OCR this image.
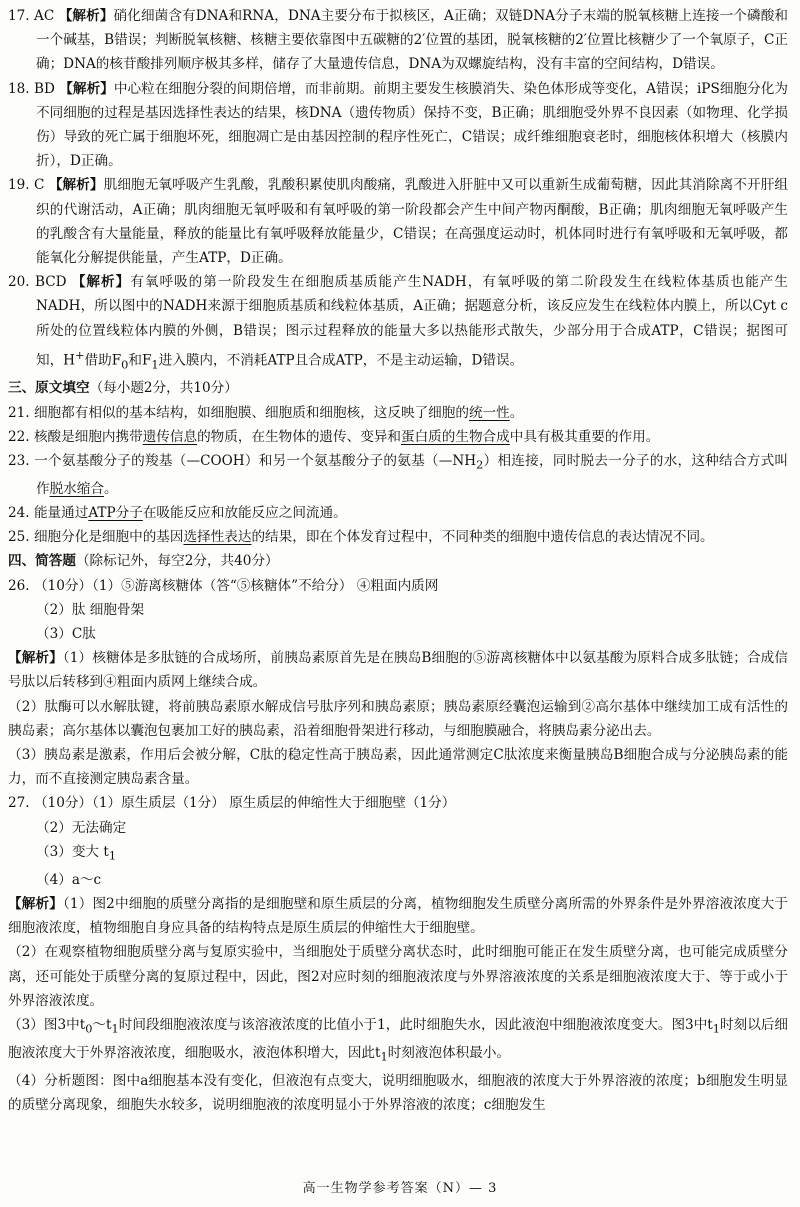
17. AC 【解析】硝化细菌含有DNA和RNA，DNA主要分布于拟核区，A正确；双链DNA分子末端的脱氧核糖上连接一个磷酸和一个碱基，B错误；判断脱氧核糖、核糖主要依靠图中五碳糖的2′位置的基团，脱氧核糖的2′位置比核糖少了一个氧原子，C正确；DNA的核苷酸排列顺序极其多样，储存了大量遗传信息，DNA为双螺旋结构，没有丰富的空间结构，D错误。

18. BD 【解析】中心粒在细胞分裂的间期倍增，而非前期。前期主要发生核膜消失、染色体形成等变化，A错误；iPS细胞分化为不同细胞的过程是基因选择性表达的结果，核DNA（遗传物质）保持不变，B正确；肌细胞受外界不良因素（如物理、化学损伤）导致的死亡属于细胞坏死，细胞凋亡是由基因控制的程序性死亡，C错误；成纤维细胞衰老时，细胞核体积增大（核膜内折），D正确。

19. C 【解析】肌细胞无氧呼吸产生乳酸，乳酸积累使肌肉酸痛，乳酸进入肝脏中又可以重新生成葡萄糖，因此其消除离不开肝组织的代谢活动，A正确；肌肉细胞无氧呼吸和有氧呼吸的第一阶段都会产生中间产物丙酮酸，B正确；肌肉细胞无氧呼吸产生的乳酸含有大量能量，释放的能量比有氧呼吸释放能量少，C错误；在高强度运动时，机体同时进行有氧呼吸和无氧呼吸，都能氧化分解提供能量，产生ATP，D正确。

20. BCD 【解析】有氧呼吸的第一阶段发生在细胞质基质能产生NADH，有氧呼吸的第二阶段发生在线粒体基质也能产生NADH，所以图中的NADH来源于细胞质基质和线粒体基质，A正确；据题意分析，该反应发生在线粒体内膜上，所以Cyt c所处的位置线粒体内膜的外侧，B错误；图示过程释放的能量大多以热能形式散失，少部分用于合成ATP，C错误；据图可知，H+借助$F_0$和$F_1$进入膜内，不消耗ATP且合成ATP，不是主动运输，D错误。

三、原文填空（每小题2分，共10分）

21. 细胞都有相似的基本结构，如细胞膜、细胞质和细胞核，这反映了细胞的统一性。

22. 核酸是细胞内携带遗传信息的物质，在生物体的遗传、变异和蛋白质的生物合成中具有极其重要的作用。

23. 一个氨基酸分子的羧基（—COOH）和另一个氨基酸分子的氨基$(—NH_2)$相连接，同时脱去一分子的水，这种结合方式叫作脱水缩合。

24. 能量通过ATP分子在吸能反应和放能反应之间流通。

25. 细胞分化是细胞中的基因选择性表达的结果，即在个体发育过程中，不同种类的细胞中遗传信息的表达情况不同。

四、简答题（除标记外，每空2分，共40分）

26. （10分）（1）⑤游离核糖体（答“⑤核糖体”不给分） ④粗面内质网

（2）肽 细胞骨架

（3）C肽

【解析】（1）核糖体是多肽链的合成场所，前胰岛素原首先是在胰岛B细胞的⑤游离核糖体中以氨基酸为原料合成多肽链；合成信号肽以后转移到④粗面内质网上继续合成。

（2）肽酶可以水解肽键，将前胰岛素原水解成信号肽序列和胰岛素原；胰岛素原经囊泡运输到②高尔基体中继续加工成有活性的胰岛素；高尔基体以囊泡包裹加工好的胰岛素，沿着细胞骨架进行移动，与细胞膜融合，将胰岛素分泌出去。

（3）胰岛素是激素，作用后会被分解，C肽的稳定性高于胰岛素，因此通常测定C肽浓度来衡量胰岛B细胞合成与分泌胰岛素的能力，而不直接测定胰岛素含量。

27. （10分）（1）原生质层（1分） 原生质层的伸缩性大于细胞壁（1分）

（2）无法确定

（3）变大 $t_1$

（4）a～c

【解析】（1）图2中细胞的质壁分离指的是细胞壁和原生质层的分离，植物细胞发生质壁分离所需的外界条件是外界溶液浓度大于细胞液浓度，植物细胞自身应具备的结构特点是原生质层的伸缩性大于细胞壁。

（2）在观察植物细胞质壁分离与复原实验中，当细胞处于质壁分离状态时，此时细胞可能正在发生质壁分离，也可能完成质壁分离，还可能处于质壁分离的复原过程中，因此，图2对应时刻的细胞液浓度与外界溶液浓度的关系是细胞液浓度大于、等于或小于外界溶液浓度。

（3）图3中$t_0\sim t_1$时间段细胞液浓度与该溶液浓度的比值小于1，此时细胞失水，因此液泡中细胞液浓度变大。图3中$t_1$时刻以后细胞液浓度大于外界溶液浓度，细胞吸水，液泡体积增大，因此$t_1$时刻液泡体积最小。

（4）分析题图：图中a细胞基本没有变化，但液泡有点变大，说明细胞吸水，细胞液的浓度大于外界溶液的浓度；b细胞发生明显的质壁分离现象，细胞失水较多，说明细胞液的浓度明显小于外界溶液的浓度；c细胞发生

高一生物学参考答案（N）— 3
